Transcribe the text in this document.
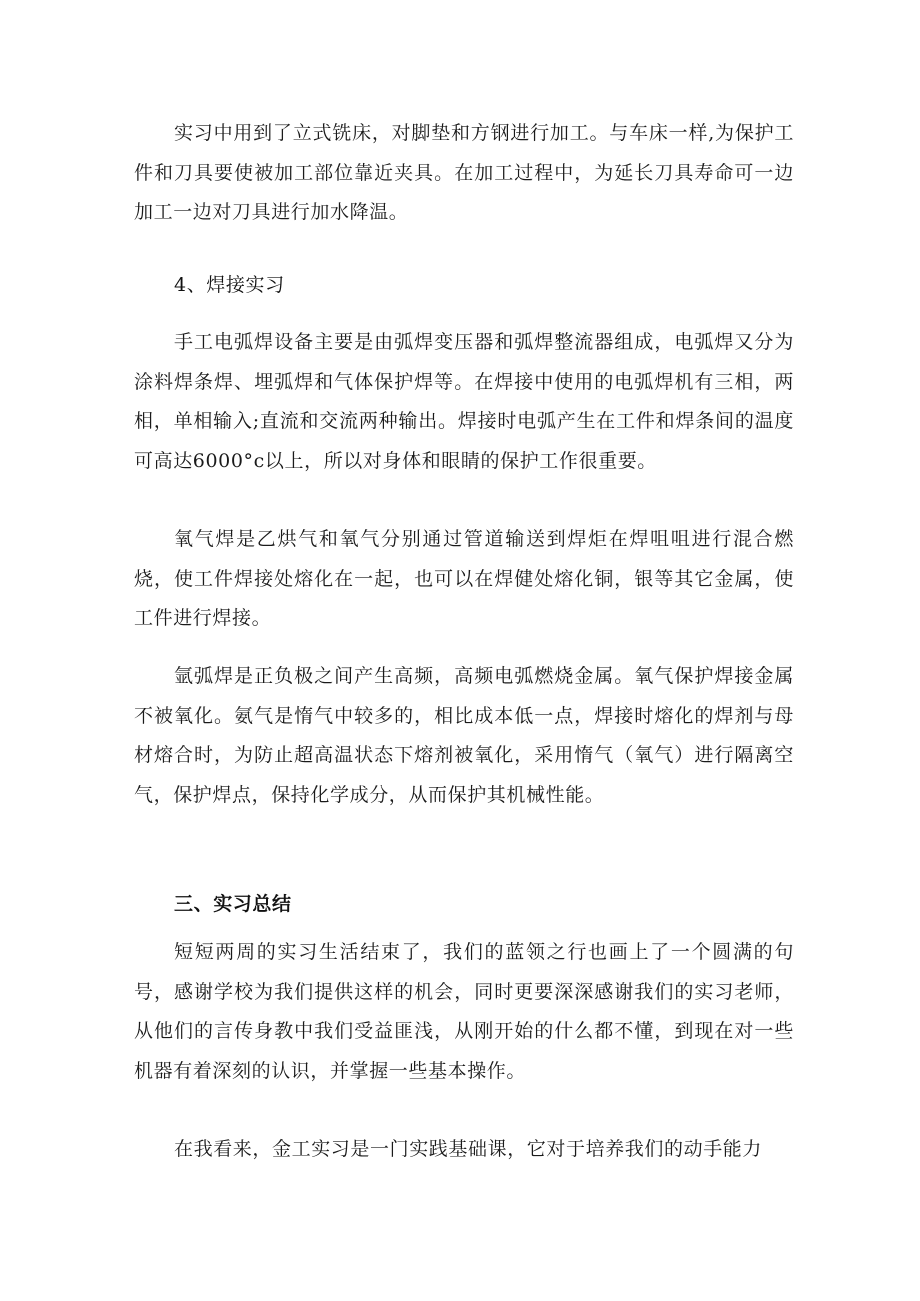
实习中用到了立式铣床，对脚垫和方钢进行加工。与车床一样,为保护工件和刀具要使被加工部位靠近夹具。在加工过程中，为延长刀具寿命可一边加工一边对刀具进行加水降温。

4、焊接实习

手工电弧焊设备主要是由弧焊变压器和弧焊整流器组成，电弧焊又分为涂料焊条焊、埋弧焊和气体保护焊等。在焊接中使用的电弧焊机有三相，两相，单相输入;直流和交流两种输出。焊接时电弧产生在工件和焊条间的温度可高达6000°c以上，所以对身体和眼睛的保护工作很重要。

氧气焊是乙烘气和氧气分别通过管道输送到焊炬在焊咀咀进行混合燃烧，使工件焊接处熔化在一起，也可以在焊健处熔化铜，银等其它金属，使工件进行焊接。

氩弧焊是正负极之间产生高频，高频电弧燃烧金属。氧气保护焊接金属不被氧化。氨气是惰气中较多的，相比成本低一点，焊接时熔化的焊剂与母材熔合时，为防止超高温状态下熔剂被氧化，采用惰气（氧气）进行隔离空气，保护焊点，保持化学成分，从而保护其机械性能。

三、实习总结

短短两周的实习生活结束了，我们的蓝领之行也画上了一个圆满的句号，感谢学校为我们提供这样的机会，同时更要深深感谢我们的实习老师，从他们的言传身教中我们受益匪浅，从刚开始的什么都不懂，到现在对一些机器有着深刻的认识，并掌握一些基本操作。

在我看来，金工实习是一门实践基础课，它对于培养我们的动手能力
